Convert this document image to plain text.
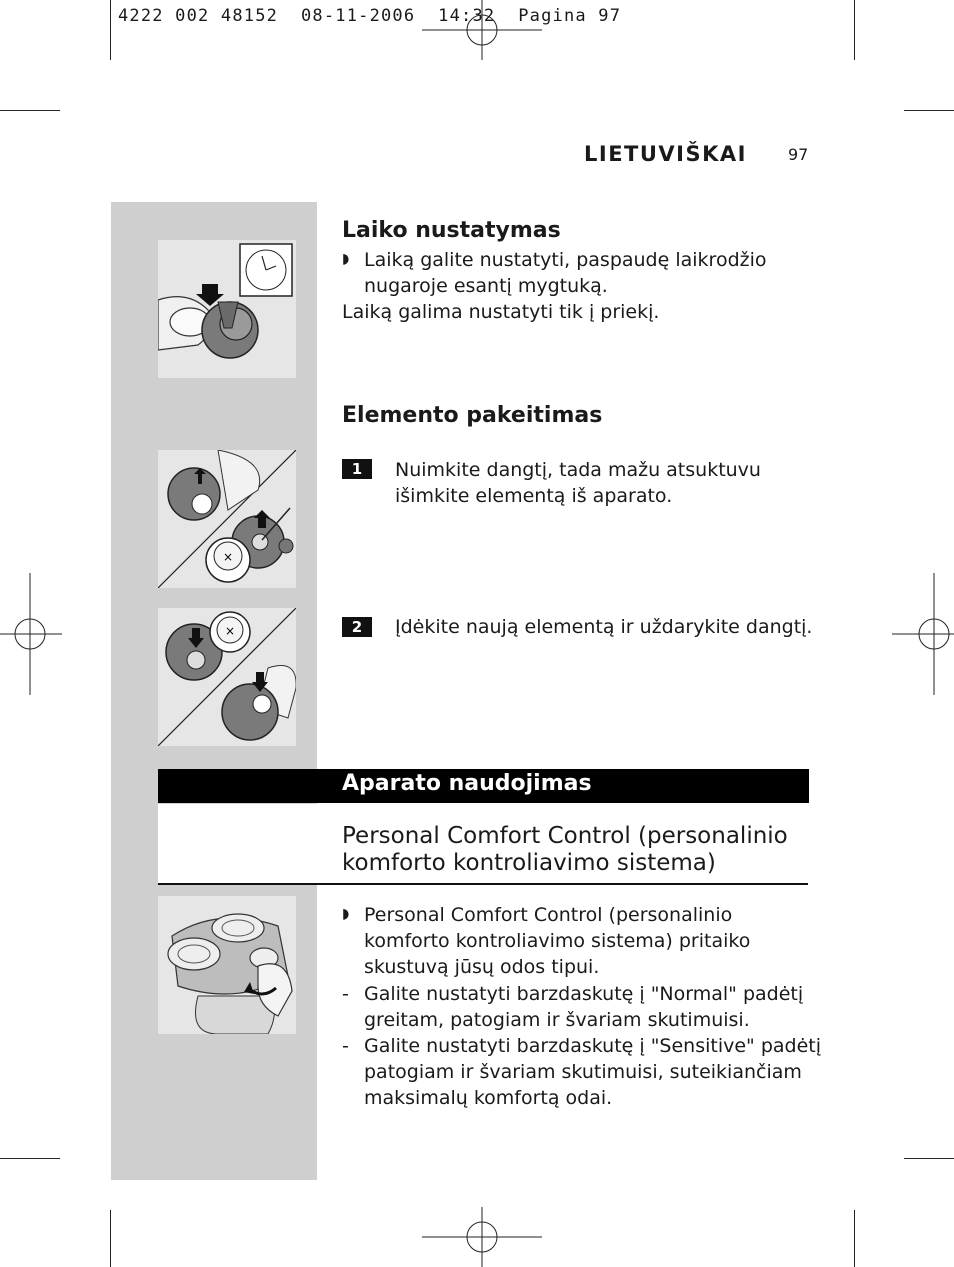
4222 002 48152  08-11-2006  14:32  Pagina 97
LIETUVIŠKAI	97
×
×
Laiko nustatymas
◗ Laiką galite nustatyti, paspaudę laikrodžio
nugaroje esantį mygtuką.
Laiką galima nustatyti tik į priekį.
Elemento pakeitimas
1	Nuimkite dangtį, tada mažu atsuktuvu
išimkite elementą iš aparato.
2	Įdėkite naują elementą ir uždarykite dangtį.
Aparato naudojimas
Personal Comfort Control (personalinio
komforto kontroliavimo sistema)
◗ Personal Comfort Control (personalinio
komforto kontroliavimo sistema) pritaiko
skustuvą jūsų odos tipui.
- Galite nustatyti barzdaskutę į "Normal" padėtį
greitam, patogiam ir švariam skutimuisi.
- Galite nustatyti barzdaskutę į "Sensitive" padėtį
patogiam ir švariam skutimuisi, suteikiančiam
maksimalų komfortą odai.
